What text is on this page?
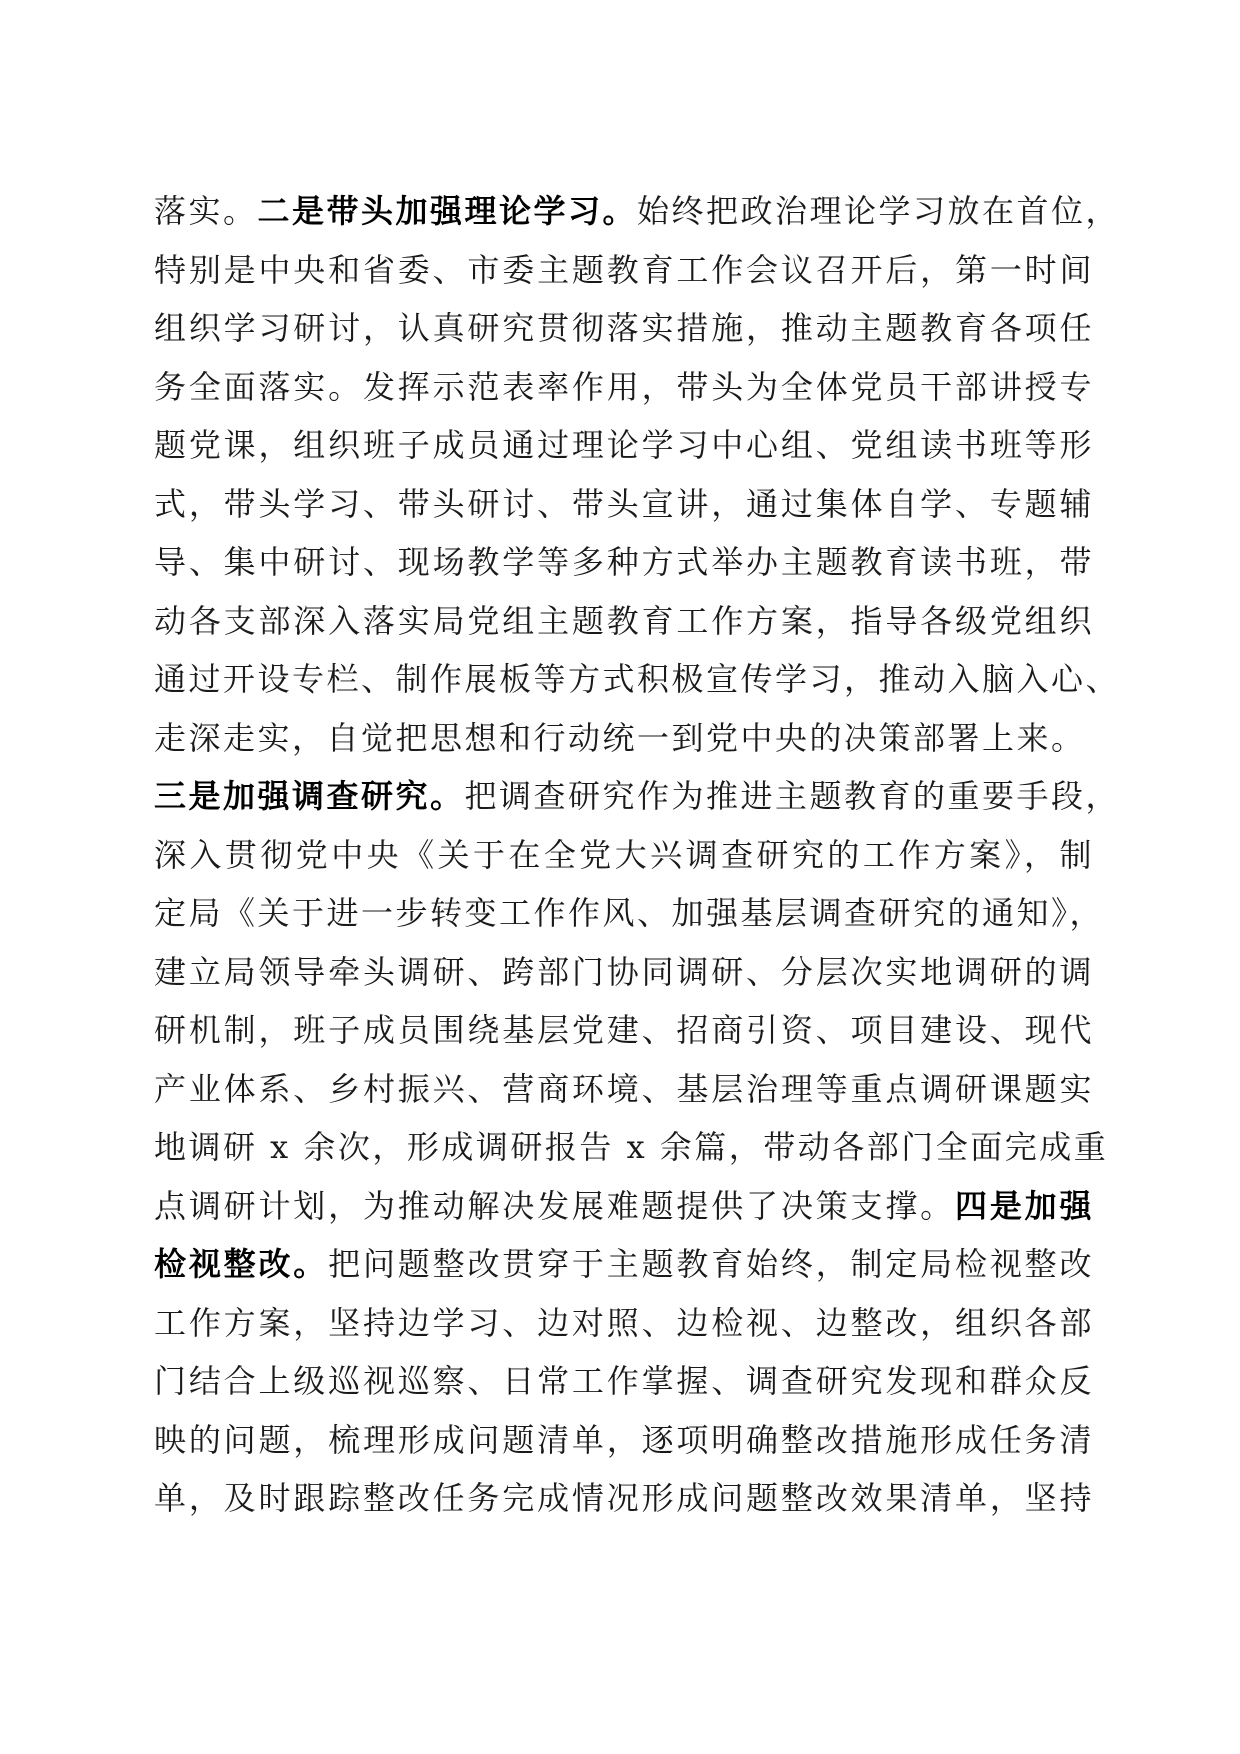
落实。二是带头加强理论学习。始终把政治理论学习放在首位，
特别是中央和省委、市委主题教育工作会议召开后，第一时间
组织学习研讨，认真研究贯彻落实措施，推动主题教育各项任
务全面落实。发挥示范表率作用，带头为全体党员干部讲授专
题党课，组织班子成员通过理论学习中心组、党组读书班等形
式，带头学习、带头研讨、带头宣讲，通过集体自学、专题辅
导、集中研讨、现场教学等多种方式举办主题教育读书班，带
动各支部深入落实局党组主题教育工作方案，指导各级党组织
通过开设专栏、制作展板等方式积极宣传学习，推动入脑入心、
走深走实，自觉把思想和行动统一到党中央的决策部署上来。
三是加强调查研究。把调查研究作为推进主题教育的重要手段，
深入贯彻党中央《关于在全党大兴调查研究的工作方案》，制
定局《关于进一步转变工作作风、加强基层调查研究的通知》，
建立局领导牵头调研、跨部门协同调研、分层次实地调研的调
研机制，班子成员围绕基层党建、招商引资、项目建设、现代
产业体系、乡村振兴、营商环境、基层治理等重点调研课题实
地调研 x 余次，形成调研报告 x 余篇，带动各部门全面完成重
点调研计划，为推动解决发展难题提供了决策支撑。四是加强
检视整改。把问题整改贯穿于主题教育始终，制定局检视整改
工作方案，坚持边学习、边对照、边检视、边整改，组织各部
门结合上级巡视巡察、日常工作掌握、调查研究发现和群众反
映的问题，梳理形成问题清单，逐项明确整改措施形成任务清
单，及时跟踪整改任务完成情况形成问题整改效果清单，坚持
